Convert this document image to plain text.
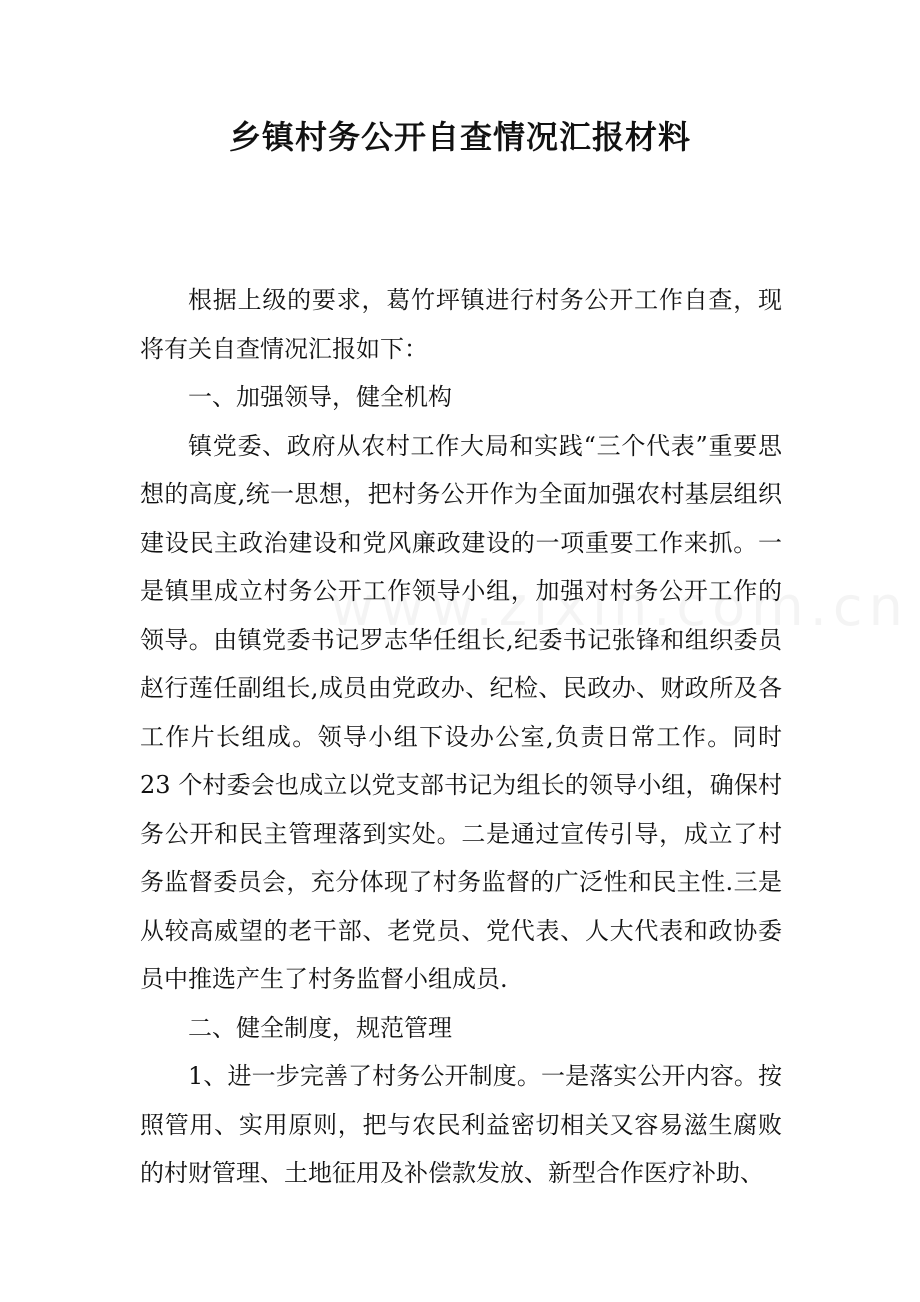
乡镇村务公开自查情况汇报材料

根据上级的要求，葛竹坪镇进行村务公开工作自查，现将有关自查情况汇报如下：

一、加强领导，健全机构

镇党委、政府从农村工作大局和实践“三个代表”重要思想的高度,统一思想，把村务公开作为全面加强农村基层组织建设民主政治建设和党风廉政建设的一项重要工作来抓。一是镇里成立村务公开工作领导小组，加强对村务公开工作的领导。由镇党委书记罗志华任组长,纪委书记张锋和组织委员赵行莲任副组长,成员由党政办、纪检、民政办、财政所及各工作片长组成。领导小组下设办公室,负责日常工作。同时 23 个村委会也成立以党支部书记为组长的领导小组，确保村务公开和民主管理落到实处。二是通过宣传引导，成立了村务监督委员会，充分体现了村务监督的广泛性和民主性.三是从较高威望的老干部、老党员、党代表、人大代表和政协委员中推选产生了村务监督小组成员.

二、健全制度，规范管理

1、进一步完善了村务公开制度。一是落实公开内容。按照管用、实用原则，把与农民利益密切相关又容易滋生腐败的村财管理、土地征用及补偿款发放、新型合作医疗补助、
